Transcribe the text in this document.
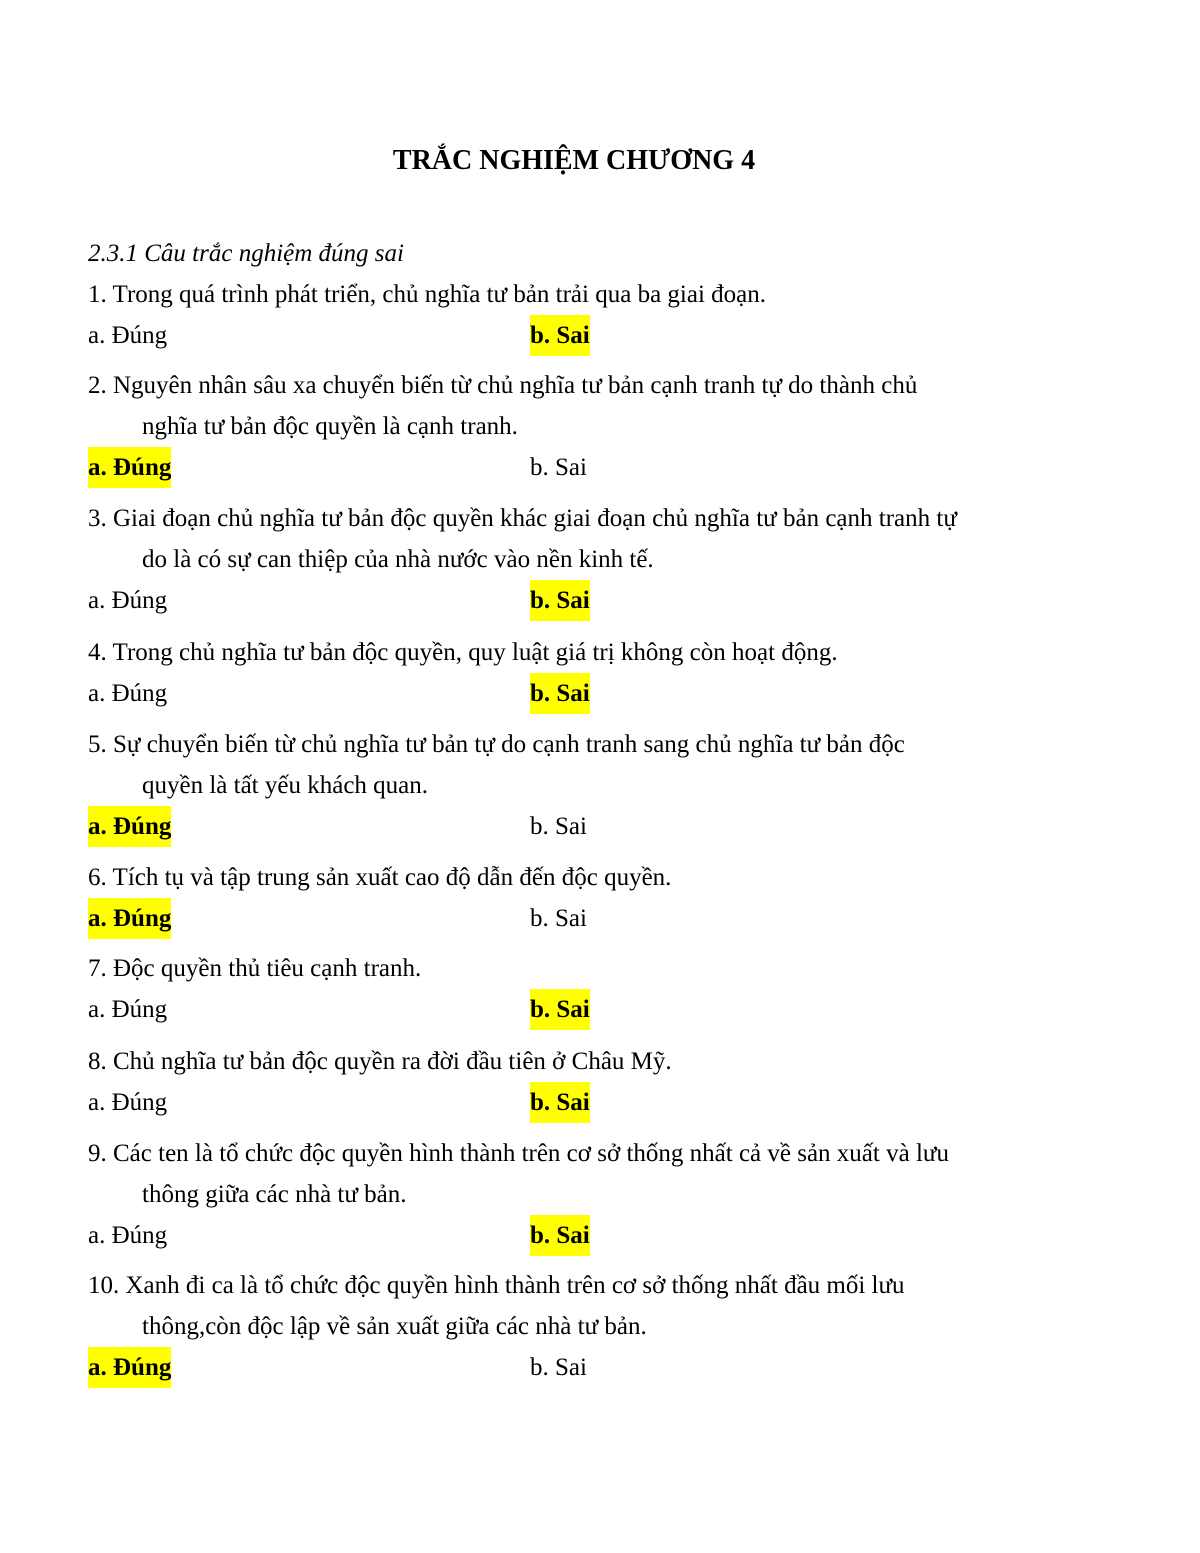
TRẮC NGHIỆM CHƯƠNG 4
2.3.1 Câu trắc nghiệm đúng sai
1. Trong quá trình phát triển, chủ nghĩa tư bản trải qua ba giai đoạn.
a. Đúng	b. Sai
2. Nguyên nhân sâu xa chuyển biến từ chủ nghĩa tư bản cạnh tranh tự do thành chủ
nghĩa tư bản độc quyền là cạnh tranh.
a. Đúng	b. Sai
3. Giai đoạn chủ nghĩa tư bản độc quyền khác giai đoạn chủ nghĩa tư bản cạnh tranh tự
do là có sự can thiệp của nhà nước vào nền kinh tế.
a. Đúng	b. Sai
4. Trong chủ nghĩa tư bản độc quyền, quy luật giá trị không còn hoạt động.
a. Đúng	b. Sai
5. Sự chuyển biến từ chủ nghĩa tư bản tự do cạnh tranh sang chủ nghĩa tư bản độc
quyền là tất yếu khách quan.
a. Đúng	b. Sai
6. Tích tụ và tập trung sản xuất cao độ dẫn đến độc quyền.
a. Đúng	b. Sai
7. Độc quyền thủ tiêu cạnh tranh.
a. Đúng	b. Sai
8. Chủ nghĩa tư bản độc quyền ra đời đầu tiên ở Châu Mỹ.
a. Đúng	b. Sai
9. Các ten là tổ chức độc quyền hình thành trên cơ sở thống nhất cả về sản xuất và lưu
thông giữa các nhà tư bản.
a. Đúng	b. Sai
10. Xanh đi ca là tổ chức độc quyền hình thành trên cơ sở thống nhất đầu mối lưu
thông,còn độc lập về sản xuất giữa các nhà tư bản.
a. Đúng	b. Sai
